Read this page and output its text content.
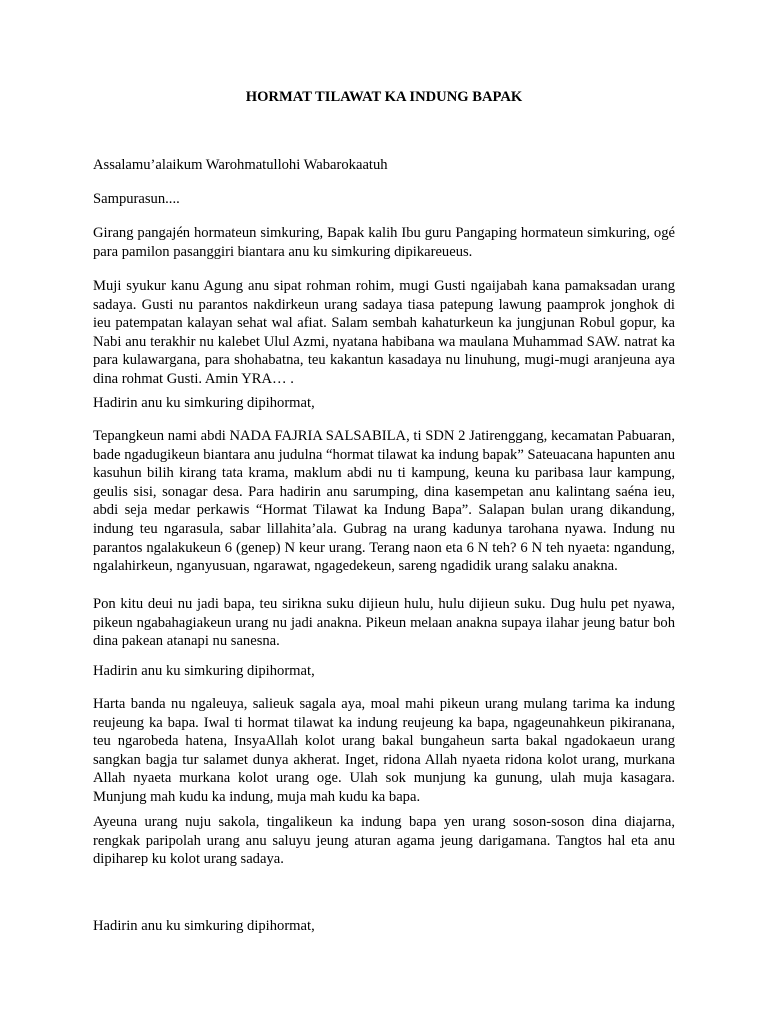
HORMAT TILAWAT KA INDUNG BAPAK

Assalamu’alaikum Warohmatullohi Wabarokaatuh

Sampurasun....

Girang pangajén hormateun simkuring, Bapak kalih Ibu guru Pangaping hormateun simkuring, ogé para pamilon pasanggiri biantara anu ku simkuring dipikareueus.

Muji syukur kanu Agung anu sipat rohman rohim, mugi Gusti ngaijabah kana pamaksadan urang sadaya. Gusti nu parantos nakdirkeun urang sadaya tiasa patepung lawung paamprok jonghok di ieu patempatan kalayan sehat wal afiat. Salam sembah kahaturkeun ka jungjunan Robul gopur, ka Nabi anu terakhir nu kalebet Ulul Azmi, nyatana habibana wa maulana Muhammad SAW. natrat ka para kulawargana, para shohabatna, teu kakantun kasadaya nu linuhung, mugi-mugi aranjeuna aya dina rohmat Gusti. Amin YRA… .

Hadirin anu ku simkuring dipihormat,

Tepangkeun nami abdi NADA FAJRIA SALSABILA, ti SDN 2 Jatirenggang, kecamatan Pabuaran, bade ngadugikeun biantara anu judulna “hormat tilawat ka indung bapak” Sateuacana hapunten anu kasuhun bilih kirang tata krama, maklum abdi nu ti kampung, keuna ku paribasa laur kampung, geulis sisi, sonagar desa. Para hadirin anu sarumping, dina kasempetan anu kalintang saéna ieu, abdi seja medar perkawis “Hormat Tilawat ka Indung Bapa”. Salapan bulan urang dikandung, indung teu ngarasula, sabar lillahita’ala. Gubrag na urang kadunya tarohana nyawa. Indung nu parantos ngalakukeun 6 (genep) N keur urang. Terang naon eta 6 N teh? 6 N teh nyaeta: ngandung, ngalahirkeun, nganyusuan, ngarawat, ngagedekeun, sareng ngadidik urang salaku anakna.

Pon kitu deui nu jadi bapa, teu sirikna suku dijieun hulu, hulu dijieun suku. Dug hulu pet nyawa, pikeun ngabahagiakeun urang nu jadi anakna. Pikeun melaan anakna supaya ilahar jeung batur boh dina pakean atanapi nu sanesna.

Hadirin anu ku simkuring dipihormat,

Harta banda nu ngaleuya, salieuk sagala aya, moal mahi pikeun urang mulang tarima ka indung reujeung ka bapa. Iwal ti hormat tilawat ka indung reujeung ka bapa, ngageunahkeun pikiranana, teu ngarobeda hatena, InsyaAllah kolot urang bakal bungaheun sarta bakal ngadokaeun urang sangkan bagja tur salamet dunya akherat. Inget, ridona Allah nyaeta ridona kolot urang, murkana Allah nyaeta murkana kolot urang oge. Ulah sok munjung ka gunung, ulah muja kasagara. Munjung mah kudu ka indung, muja mah kudu ka bapa.

Ayeuna urang nuju sakola, tingalikeun ka indung bapa yen urang soson-soson dina diajarna, rengkak paripolah urang anu saluyu jeung aturan agama jeung darigamana. Tangtos hal eta anu dipiharep ku kolot urang sadaya.

Hadirin anu ku simkuring dipihormat,
